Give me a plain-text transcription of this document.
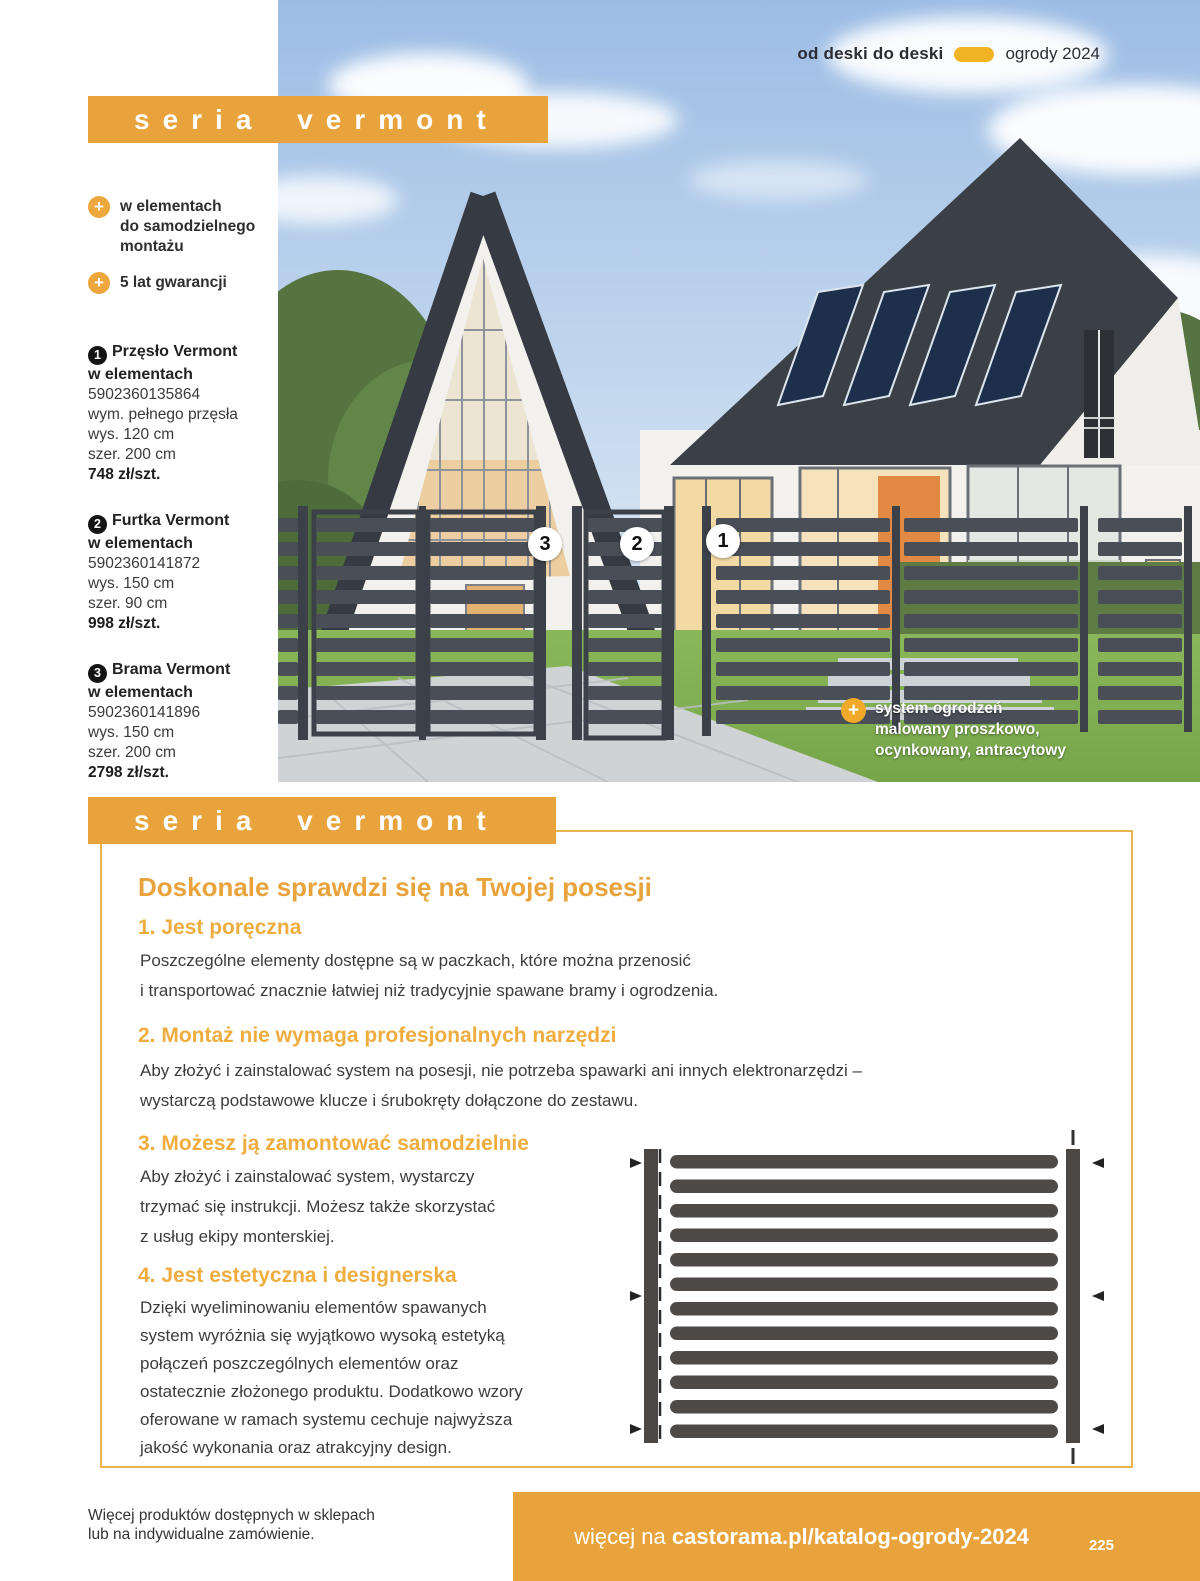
od deski do deski	ogrody 2024
3	2	1
+	system ogrodzeń
malowany proszkowo,
ocynkowany, antracytowy
seria vermont
seria vermont
+	w elementach
do samodzielnego
montażu
+	5 lat gwarancji
1 Przęsło Vermont
w elementach
5902360135864
wym. pełnego przęsła
wys. 120 cm
szer. 200 cm
748 zł/szt.
2 Furtka Vermont
w elementach
5902360141872
wys. 150 cm
szer. 90 cm
998 zł/szt.
3 Brama Vermont
w elementach
5902360141896
wys. 150 cm
szer. 200 cm
2798 zł/szt.
Doskonale sprawdzi się na Twojej posesji
1. Jest poręczna
Poszczególne elementy dostępne są w paczkach, które można przenosić
i transportować znacznie łatwiej niż tradycyjnie spawane bramy i ogrodzenia.
2. Montaż nie wymaga profesjonalnych narzędzi
Aby złożyć i zainstalować system na posesji, nie potrzeba spawarki ani innych elektronarzędzi –
wystarczą podstawowe klucze i śrubokręty dołączone do zestawu.
3. Możesz ją zamontować samodzielnie
Aby złożyć i zainstalować system, wystarczy
trzymać się instrukcji. Możesz także skorzystać
z usług ekipy monterskiej.
4. Jest estetyczna i designerska
Dzięki wyeliminowaniu elementów spawanych
system wyróżnia się wyjątkowo wysoką estetyką
połączeń poszczególnych elementów oraz
ostatecznie złożonego produktu. Dodatkowo wzory
oferowane w ramach systemu cechuje najwyższa
jakość wykonania oraz atrakcyjny design.
Więcej produktów dostępnych w sklepach
lub na indywidualne zamówienie.	więcej na castorama.pl/katalog-ogrody-2024	225
